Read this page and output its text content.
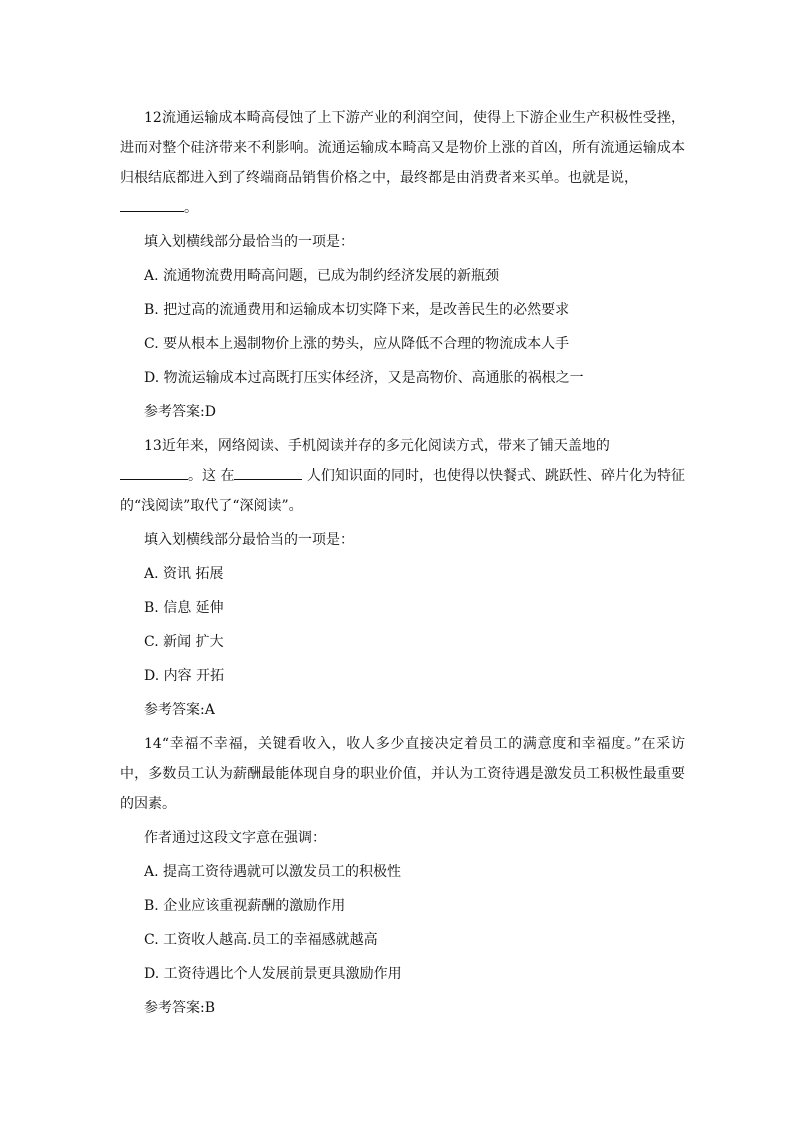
12流通运输成本畸高侵蚀了上下游产业的利润空间，使得上下游企业生产积极性受挫，进而对整个硅济带来不利影响。流通运输成本畸高又是物价上涨的首凶，所有流通运输成本归根结底都进入到了终端商品销售价格之中，最终都是由消费者来买单。也就是说，
。

填入划横线部分最恰当的一项是：
A. 流通物流费用畸高问题，已成为制约经济发展的新瓶颈
B. 把过高的流通费用和运输成本切实降下来，是改善民生的必然要求
C. 要从根本上遏制物价上涨的势头，应从降低不合理的物流成本人手
D. 物流运输成本过高既打压实体经济，又是高物价、高通胀的祸根之一
参考答案:D

13近年来，网络阅读、手机阅读并存的多元化阅读方式，带来了铺天盖地的
。这 在	人们知识面的同时，也使得以快餐式、跳跃性、碎片化为特征的“浅阅读”取代了“深阅读”。

填入划横线部分最恰当的一项是：
A. 资讯 拓展
B. 信息 延伸
C. 新闻 扩大
D. 内容 开拓
参考答案:A

14“幸福不幸福，关键看收入，收人多少直接决定着员工的满意度和幸福度。”在采访中，多数员工认为薪酬最能体现自身的职业价值，并认为工资待遇是激发员工积极性最重要的因素。

作者通过这段文字意在强调：
A. 提高工资待遇就可以激发员工的积极性
B. 企业应该重视薪酬的激励作用
C. 工资收人越高.员工的幸福感就越高
D. 工资待遇比个人发展前景更具激励作用
参考答案:B
